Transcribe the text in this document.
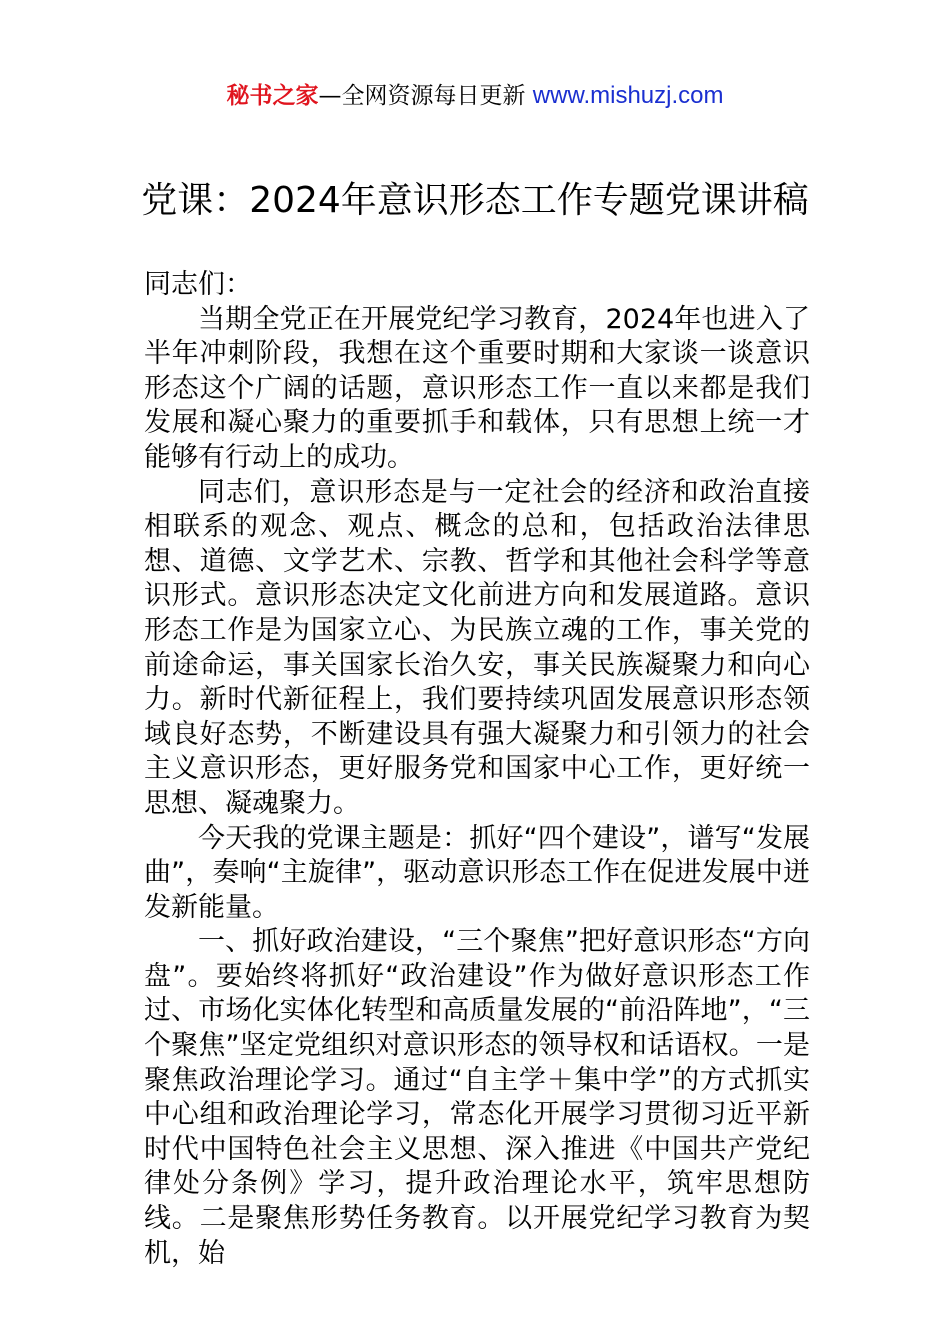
秘书之家—全网资源每日更新 www.mishuzj.com
党课：2024年意识形态工作专题党课讲稿

同志们：

当期全党正在开展党纪学习教育，2024年也进入了半年冲刺阶段，我想在这个重要时期和大家谈一谈意识形态这个广阔的话题，意识形态工作一直以来都是我们发展和凝心聚力的重要抓手和载体，只有思想上统一才能够有行动上的成功。

同志们，意识形态是与一定社会的经济和政治直接相联系的观念、观点、概念的总和，包括政治法律思想、道德、文学艺术、宗教、哲学和其他社会科学等意识形式。意识形态决定文化前进方向和发展道路。意识形态工作是为国家立心、为民族立魂的工作，事关党的前途命运，事关国家长治久安，事关民族凝聚力和向心力。新时代新征程上，我们要持续巩固发展意识形态领域良好态势，不断建设具有强大凝聚力和引领力的社会主义意识形态，更好服务党和国家中心工作，更好统一思想、凝魂聚力。

今天我的党课主题是：抓好“四个建设”，谱写“发展曲”，奏响“主旋律”，驱动意识形态工作在促进发展中迸发新能量。

一、抓好政治建设，“三个聚焦”把好意识形态“方向盘”。要始终将抓好“政治建设”作为做好意识形态工作过、市场化实体化转型和高质量发展的“前沿阵地”，“三个聚焦”坚定党组织对意识形态的领导权和话语权。一是聚焦政治理论学习。通过“自主学＋集中学”的方式抓实中心组和政治理论学习，常态化开展学习贯彻习近平新时代中国特色社会主义思想、深入推进《中国共产党纪律处分条例》学习，提升政治理论水平，筑牢思想防线。二是聚焦形势任务教育。以开展党纪学习教育为契机，始
